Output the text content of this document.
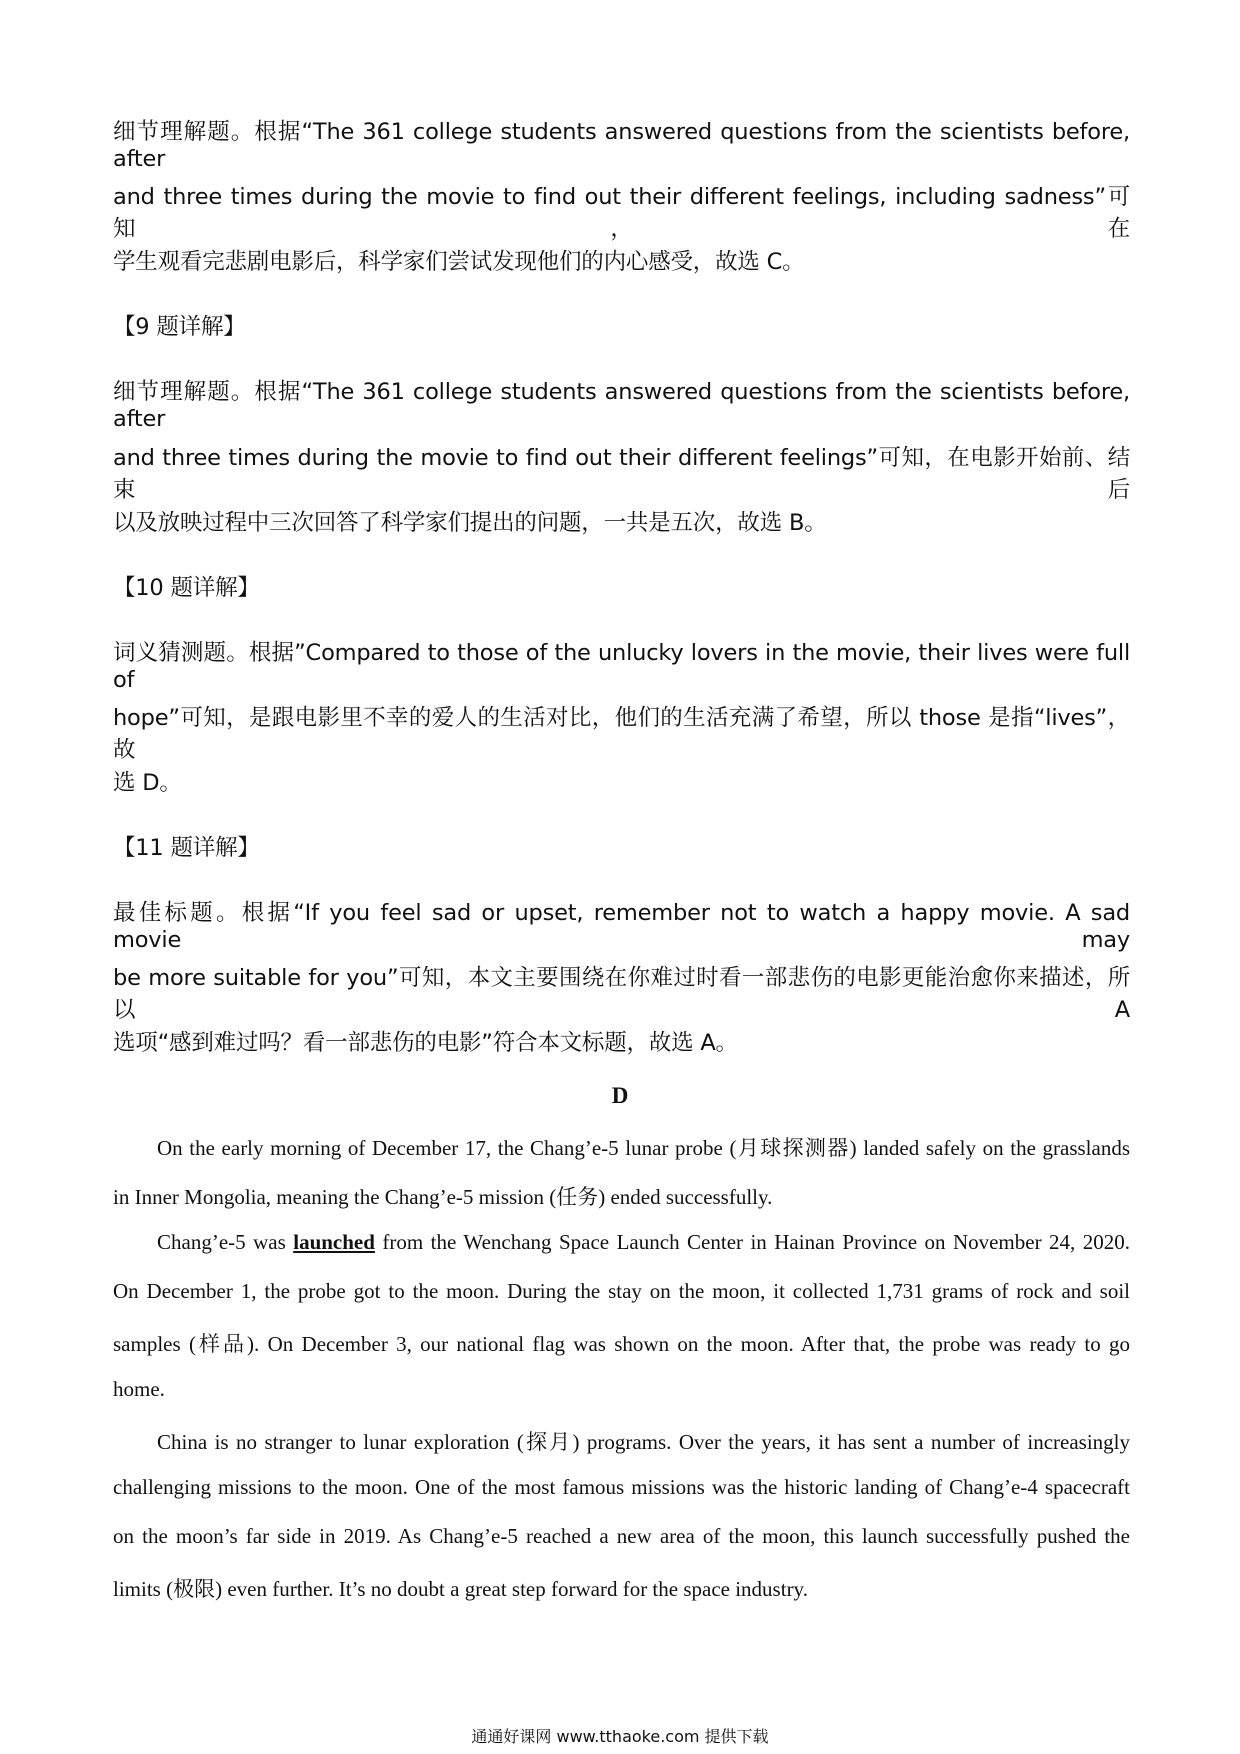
细节理解题。根据“The 361 college students answered questions from the scientists before, after
and three times during the movie to find out their different feelings, including sadness”可知，在
学生观看完悲剧电影后，科学家们尝试发现他们的内心感受，故选 C。
【9 题详解】
细节理解题。根据“The 361 college students answered questions from the scientists before, after
and three times during the movie to find out their different feelings”可知，在电影开始前、结束后
以及放映过程中三次回答了科学家们提出的问题，一共是五次，故选 B。
【10 题详解】
词义猜测题。根据”Compared to those of the unlucky lovers in the movie, their lives were full of
hope”可知，是跟电影里不幸的爱人的生活对比，他们的生活充满了希望，所以 those 是指“lives”，故
选 D。
【11 题详解】
最佳标题。根据“If you feel sad or upset, remember not to watch a happy movie. A sad movie may
be more suitable for you”可知，本文主要围绕在你难过时看一部悲伤的电影更能治愈你来描述，所以 A
选项“感到难过吗？看一部悲伤的电影”符合本文标题，故选 A。
D
On the early morning of December 17, the Chang’e-5 lunar probe (月球探测器) landed safely on the grasslands
in Inner Mongolia, meaning the Chang’e-5 mission (任务) ended successfully.
Chang’e-5 was launched from the Wenchang Space Launch Center in Hainan Province on November 24, 2020.
On December 1, the probe got to the moon. During the stay on the moon, it collected 1,731 grams of rock and soil
samples (样品). On December 3, our national flag was shown on the moon. After that, the probe was ready to go
home.
China is no stranger to lunar exploration (探月) programs. Over the years, it has sent a number of increasingly
challenging missions to the moon. One of the most famous missions was the historic landing of Chang’e-4 spacecraft
on the moon’s far side in 2019. As Chang’e-5 reached a new area of the moon, this launch successfully pushed the
limits (极限) even further. It’s no doubt a great step forward for the space industry.
通通好课网 www.tthaoke.com 提供下载
